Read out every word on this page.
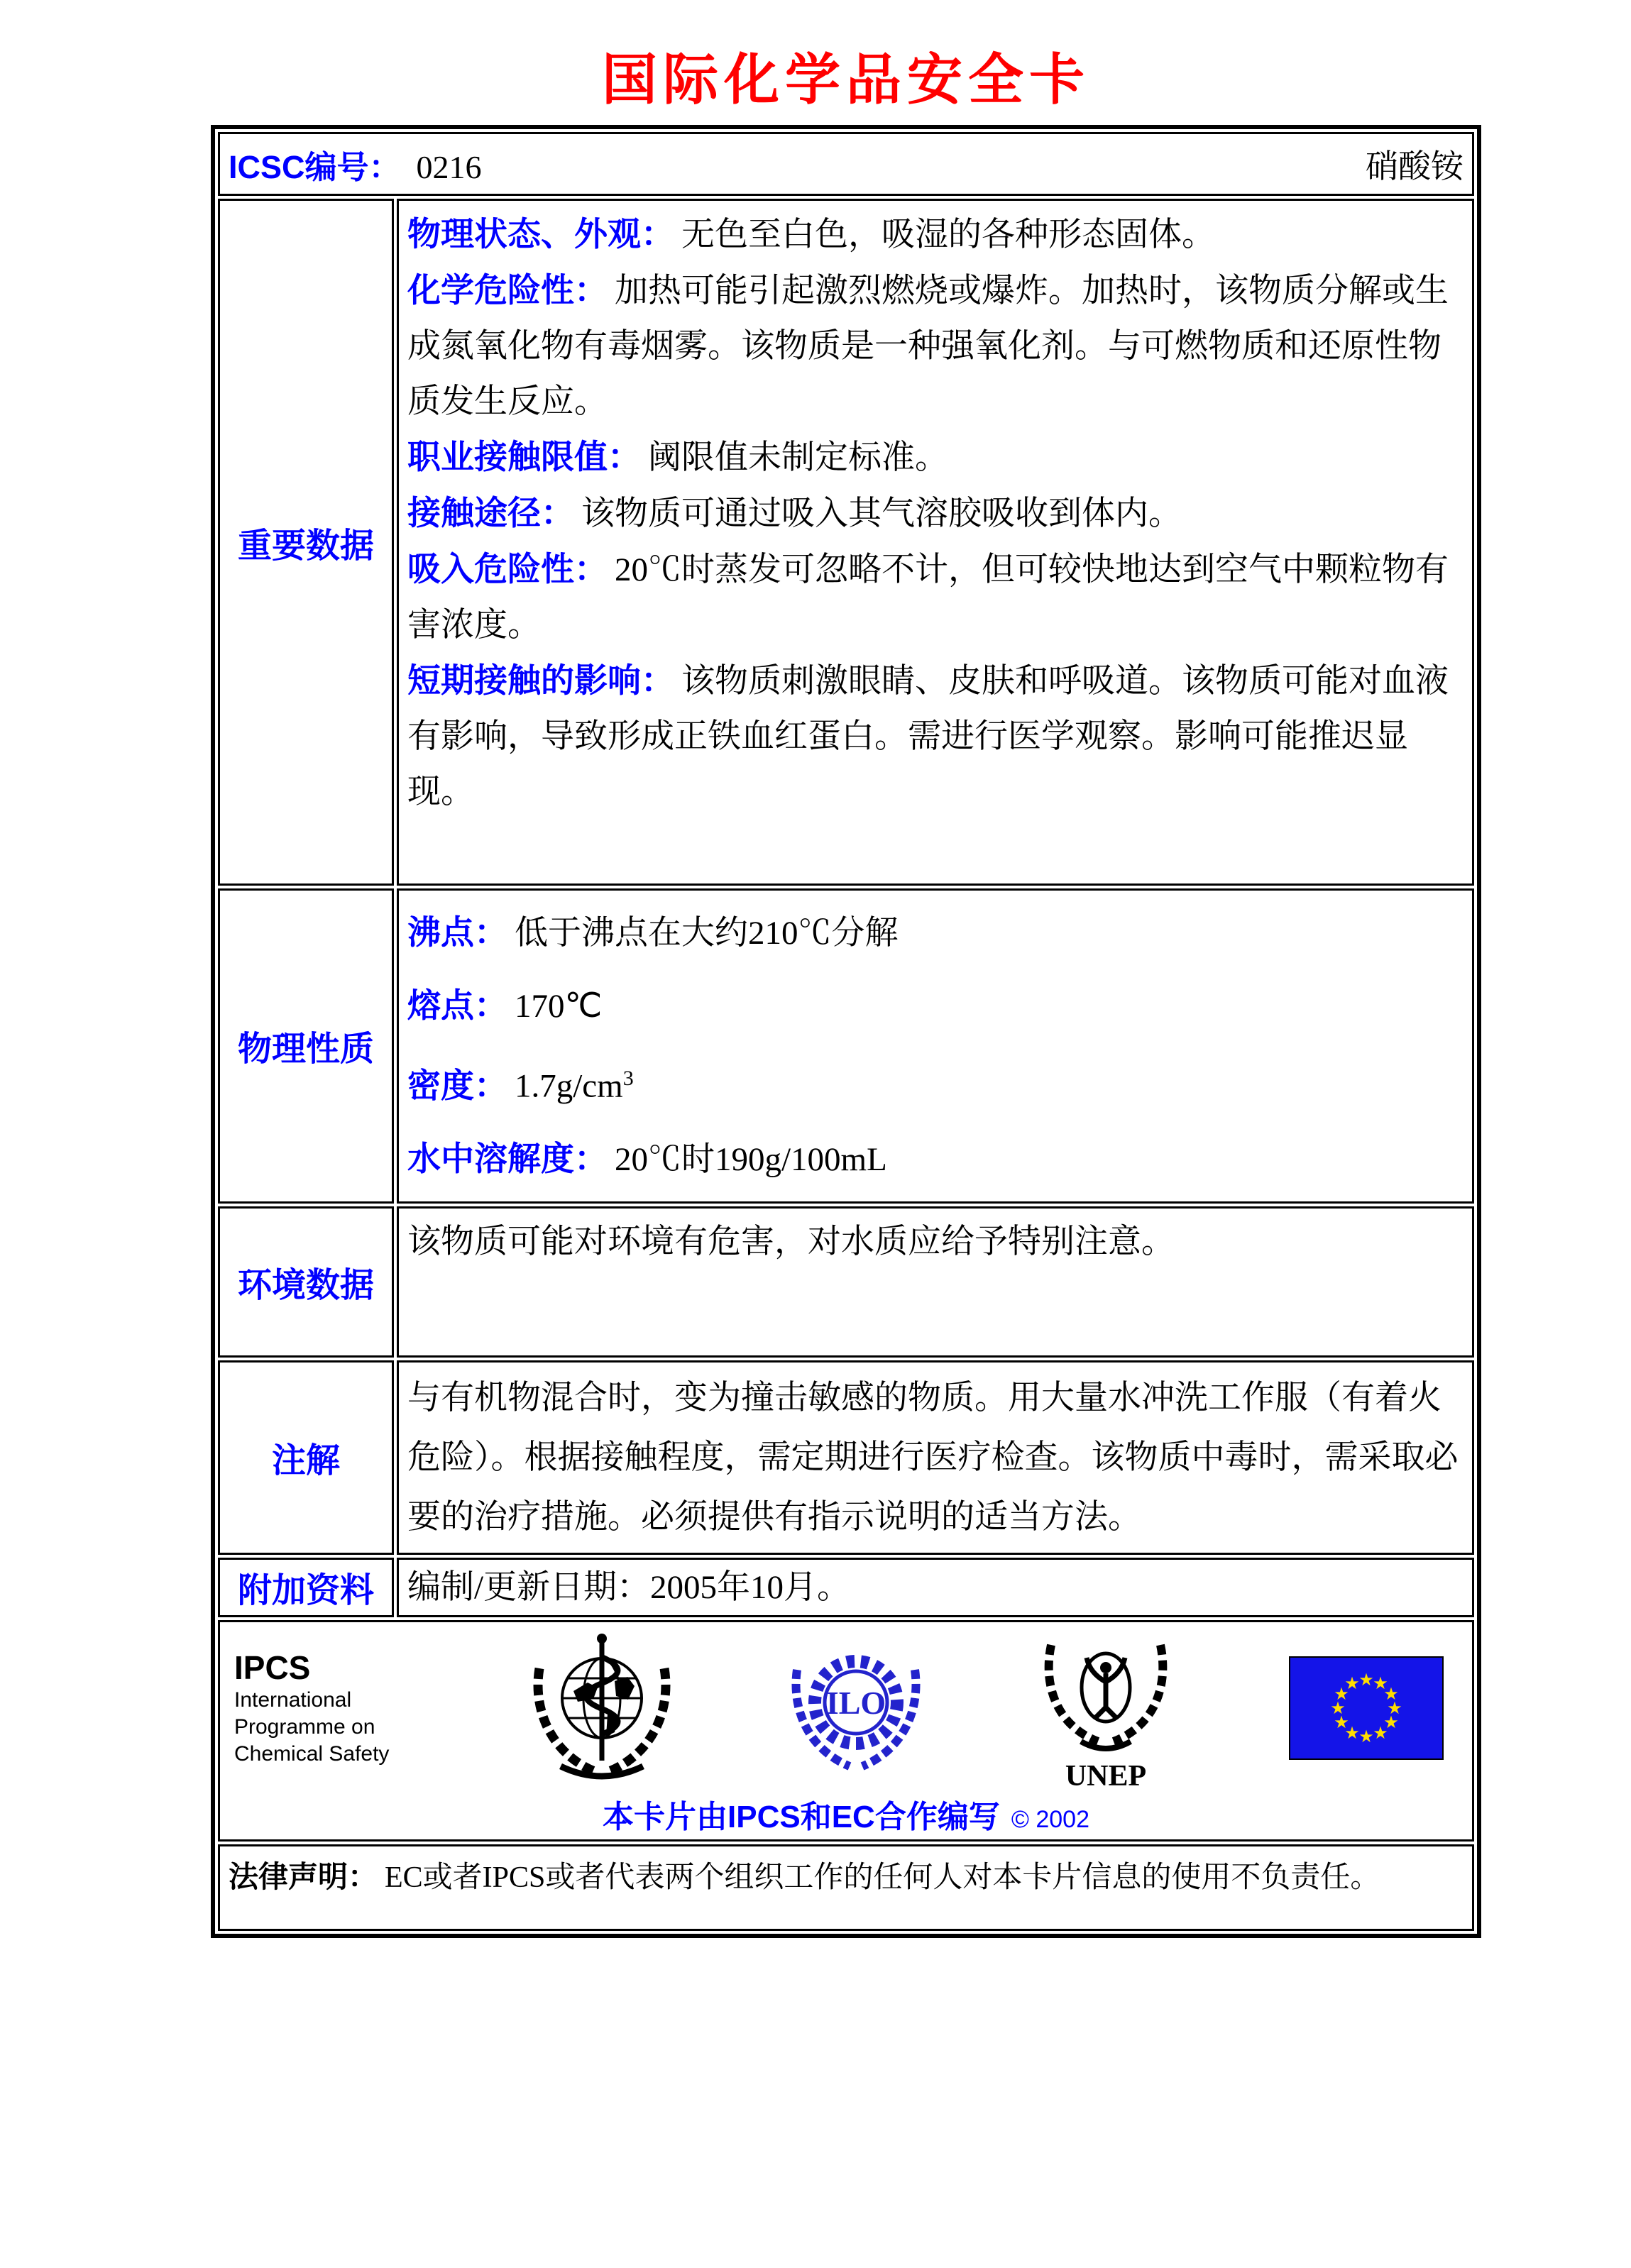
国际化学品安全卡
ICSC编号： 0216 硝酸铵	

重要数据	
物理状态、外观： 无色至白色，吸湿的各种形态固体。
化学危险性： 加热可能引起激烈燃烧或爆炸。加热时，该物质分解或生成氮氧化物有毒烟雾。该物质是一种强氧化剂。与可燃物质和还原性物质发生反应。
职业接触限值： 阈限值未制定标准。
接触途径： 该物质可通过吸入其气溶胶吸收到体内。
吸入危险性： 20℃时蒸发可忽略不计，但可较快地达到空气中颗粒物有害浓度。
短期接触的影响： 该物质刺激眼睛、皮肤和呼吸道。该物质可能对血液有影响，导致形成正铁血红蛋白。需进行医学观察。影响可能推迟显现。

物理性质	沸点： 低于沸点在大约210℃分解
熔点： 170℃
密度： $1.7g/cm^3$
水中溶解度： 20℃时190g/100mL

环境数据	该物质可能对环境有危害，对水质应给予特别注意。

注解	与有机物混合时，变为撞击敏感的物质。用大量水冲洗工作服（有着火危险）。根据接触程度，需定期进行医疗检查。该物质中毒时，需采取必要的治疗措施。必须提供有指示说明的适当方法。

附加资料	编制/更新日期：2005年10月。

IPCS
International
Programme on
Chemical Safety
ILO
UNEP
★
★
★
★
★
★
★
★
★
★
★
★
本卡片由IPCS和EC合作编写 © 2002

法律声明： EC或者IPCS或者代表两个组织工作的任何人对本卡片信息的使用不负责任。	
